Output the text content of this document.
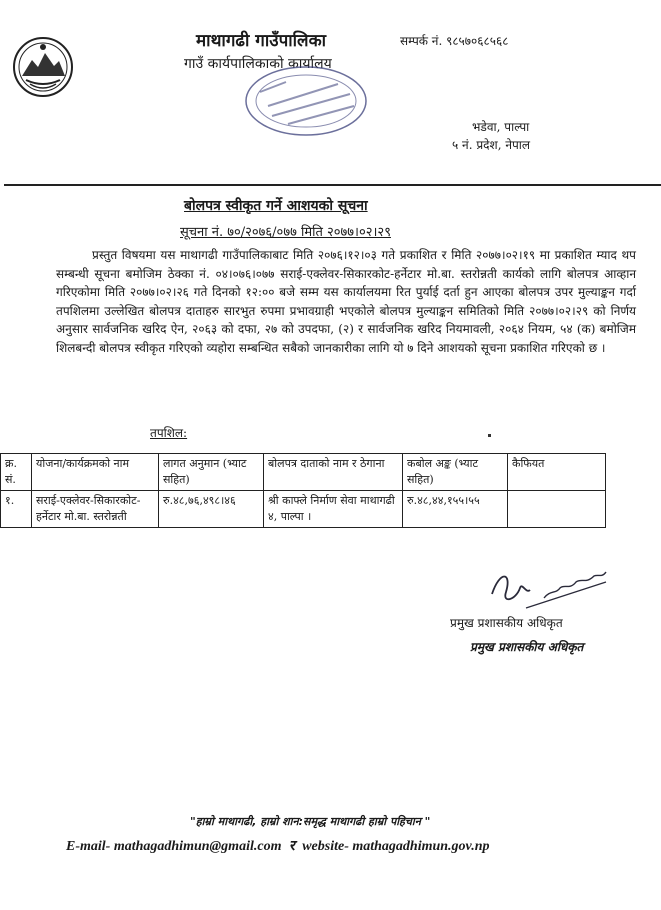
माथागढी गाउँपालिका
गाउँ कार्यपालिकाको कार्यालय
सम्पर्क नं. ९८५७०६८५६८
भडेवा, पाल्पा
५ नं. प्रदेश, नेपाल
बोलपत्र स्वीकृत गर्ने आशयको सूचना
सूचना नं. ७०/२०७६/०७७ मिति २०७७।०२।२९
प्रस्तुत विषयमा यस माथागढी गाउँपालिकाबाट मिति २०७६।१२।०३ गते प्रकाशित र मिति २०७७।०२।१९ मा प्रकाशित म्याद थप सम्बन्धी सूचना बमोजिम ठेक्का नं. ०४।०७६।०७७ सराई-एक्लेवर-सिकारकोट-हर्नेटार मो.बा. स्तरोन्नती कार्यको लागि बोलपत्र आव्हान गरिएकोमा मिति २०७७।०२।२६ गते दिनको १२:०० बजे सम्म यस कार्यालयमा रित पुर्याई दर्ता हुन आएका बोलपत्र उपर मुल्याङ्कन गर्दा तपशिलमा उल्लेखित बोलपत्र दाताहरु सारभुत रुपमा प्रभावग्राही भएकोले बोलपत्र मुल्याङ्कन समितिको मिति २०७७।०२।२९ को निर्णय अनुसार सार्वजनिक खरिद ऐन, २०६३ को दफा, २७ को उपदफा, (२) र सार्वजनिक खरिद नियमावली, २०६४ नियम, ५४ (क) बमोजिम शिलबन्दी बोलपत्र स्वीकृत गरिएको व्यहोरा सम्बन्धित सबैको जानकारीका लागि यो ७ दिने आशयको सूचना प्रकाशित गरिएको छ ।
तपशिल:
क्र. सं.	योजना/कार्यक्रमको नाम	लागत अनुमान (भ्याट सहित)	बोलपत्र दाताको नाम र ठेगाना	कबोल अङ्क (भ्याट सहित)	कैफियत
१.	सराई-एक्लेवर-सिकारकोट-हर्नेटार मो.बा. स्तरोन्नती	रु.४८,७६,४९८।४६	श्री काफ्ले निर्माण सेवा माथागढी ४, पाल्पा ।	रु.४८,४४,१५५।५५	
प्रमुख प्रशासकीय अधिकृत
प्रमुख प्रशासकीय अधिकृत
"हाम्रो माथागढी, हाम्रो शान:समृद्ध माथागढी हाम्रो पहिचान "
E-mail- mathagadhimun@gmail.com र website- mathagadhimun.gov.np
